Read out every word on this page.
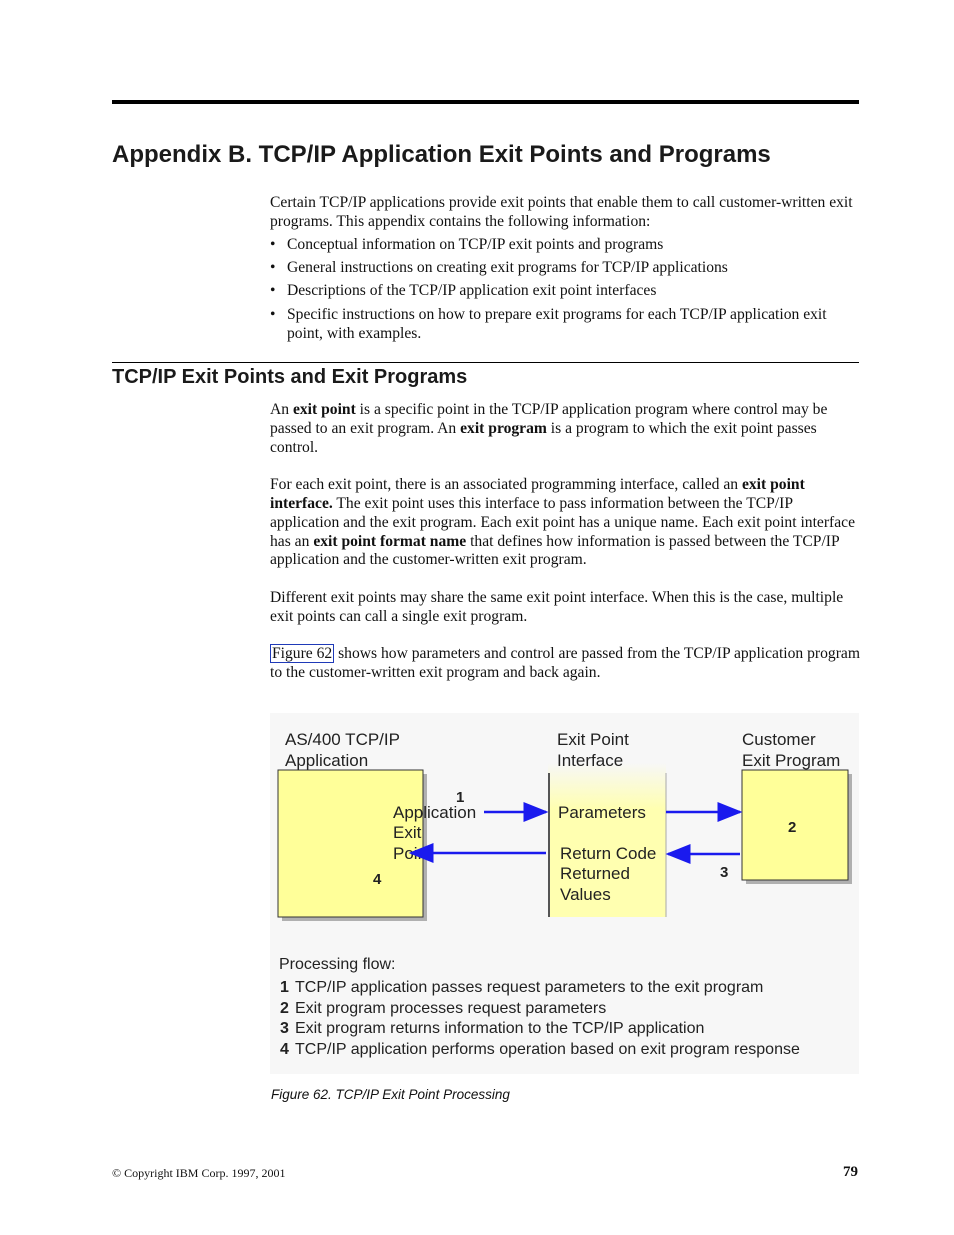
Appendix B. TCP/IP Application Exit Points and Programs

Certain TCP/IP applications provide exit points that enable them to call customer-written exit programs. This appendix contains the following information:

• Conceptual information on TCP/IP exit points and programs
• General instructions on creating exit programs for TCP/IP applications
• Descriptions of the TCP/IP application exit point interfaces
• Specific instructions on how to prepare exit programs for each TCP/IP application exit point, with examples.
TCP/IP Exit Points and Exit Programs

An exit point is a specific point in the TCP/IP application program where control may be passed to an exit program. An exit program is a program to which the exit point passes control.

For each exit point, there is an associated programming interface, called an exit point interface. The exit point uses this interface to pass information between the TCP/IP application and the exit program. Each exit point has a unique name. Each exit point interface has an exit point format name that defines how information is passed between the TCP/IP application and the customer-written exit program.

Different exit points may share the same exit point interface. When this is the case, multiple exit points can call a single exit program.

Figure 62 shows how parameters and control are passed from the TCP/IP application program to the customer-written exit program and back again.

AS/400 TCP/IP
Application
Exit Point
Interface
Customer
Exit Program
Application
Exit
Point
4
2
Parameters
Return Code
Returned
Values
1
3
Processing flow:
1 TCP/IP application passes request parameters to the exit program
2 Exit program processes request parameters
3 Exit program returns information to the TCP/IP application
4 TCP/IP application performs operation based on exit program response
Figure 62. TCP/IP Exit Point Processing
© Copyright IBM Corp. 1997, 2001	79
